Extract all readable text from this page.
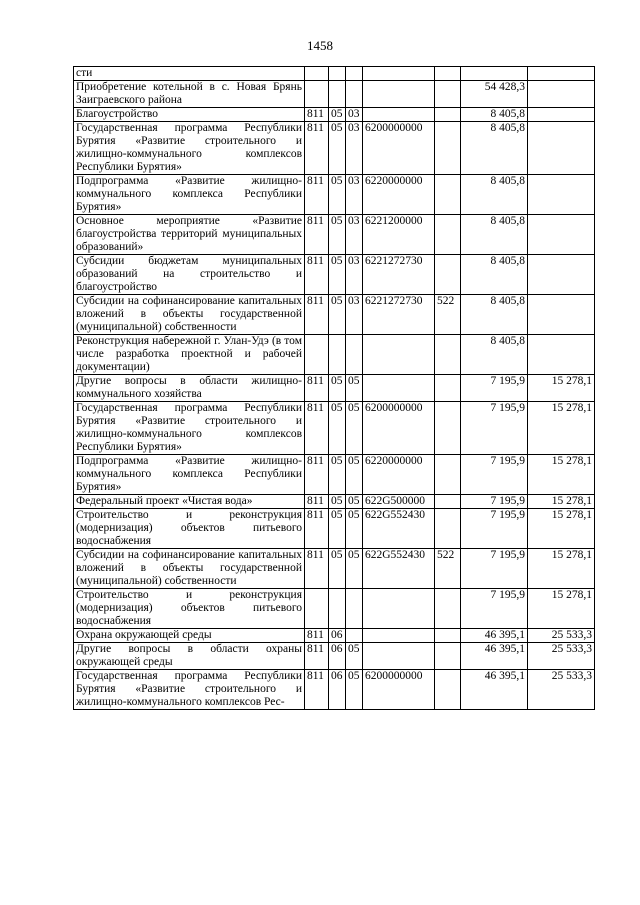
1458
сти							
Приобретение котельной в с. Новая Брянь Заиграевского района						54 428,3	
Благоустройство	811	05	03			8 405,8	
Государственная программа Республики Бурятия «Развитие строительного и жилищно-коммунального комплексов Республики Бурятия»	811	05	03	6200000000		8 405,8	
Подпрограмма «Развитие жилищно-коммунального комплекса Республики Бурятия»	811	05	03	6220000000		8 405,8	
Основное мероприятие «Развитие благоустройства территорий муниципальных образований»	811	05	03	6221200000		8 405,8	
Субсидии бюджетам муниципальных образований на строительство и благоустройство	811	05	03	6221272730		8 405,8	
Субсидии на софинансирование капитальных вложений в объекты государственной (муниципальной) собственности	811	05	03	6221272730	522	8 405,8	
Реконструкция набережной г. Улан-Удэ (в том числе разработка проектной и рабочей документации)						8 405,8	
Другие вопросы в области жилищно-коммунального хозяйства	811	05	05			7 195,9	15 278,1
Государственная программа Республики Бурятия «Развитие строительного и жилищно-коммунального комплексов Республики Бурятия»	811	05	05	6200000000		7 195,9	15 278,1
Подпрограмма «Развитие жилищно-коммунального комплекса Республики Бурятия»	811	05	05	6220000000		7 195,9	15 278,1
Федеральный проект «Чистая вода»	811	05	05	622G500000		7 195,9	15 278,1
Строительство и реконструкция (модернизация) объектов питьевого водоснабжения	811	05	05	622G552430		7 195,9	15 278,1
Субсидии на софинансирование капитальных вложений в объекты государственной (муниципальной) собственности	811	05	05	622G552430	522	7 195,9	15 278,1
Строительство и реконструкция (модернизация) объектов питьевого водоснабжения						7 195,9	15 278,1
Охрана окружающей среды	811	06				46 395,1	25 533,3
Другие вопросы в области охраны окружающей среды	811	06	05			46 395,1	25 533,3
Государственная программа Республики Бурятия «Развитие строительного и жилищно-коммунального комплексов Рес-	811	06	05	6200000000		46 395,1	25 533,3
